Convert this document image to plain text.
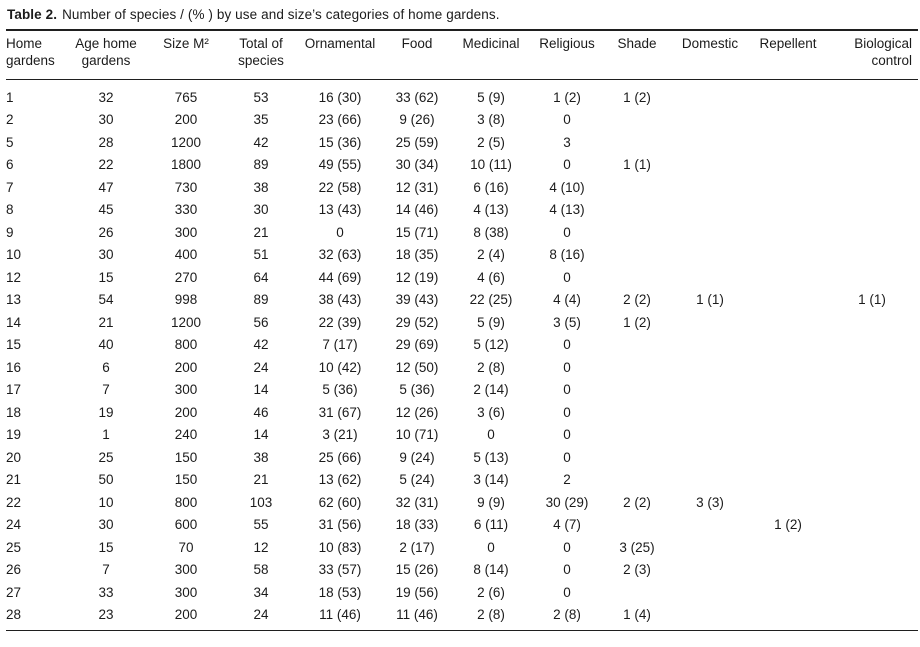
Table 2. Number of species / (% ) by use and size’s categories of home gardens.

Home gardens	Age home gardens	Size M²	Total of species	Ornamental	Food	Medicinal	Religious	Shade	Domestic	Repellent	Biological control
1	32	765	53	16 (30)	33 (62)	5 (9)	1 (2)	1 (2)			
2	30	200	35	23 (66)	9 (26)	3 (8)	0				
5	28	1200	42	15 (36)	25 (59)	2 (5)	3				
6	22	1800	89	49 (55)	30 (34)	10 (11)	0	1 (1)			
7	47	730	38	22 (58)	12 (31)	6 (16)	4 (10)				
8	45	330	30	13 (43)	14 (46)	4 (13)	4 (13)				
9	26	300	21	0	15 (71)	8 (38)	0				
10	30	400	51	32 (63)	18 (35)	2 (4)	8 (16)				
12	15	270	64	44 (69)	12 (19)	4 (6)	0				
13	54	998	89	38 (43)	39 (43)	22 (25)	4 (4)	2 (2)	1 (1)		1 (1)
14	21	1200	56	22 (39)	29 (52)	5 (9)	3 (5)	1 (2)			
15	40	800	42	7 (17)	29 (69)	5 (12)	0				
16	6	200	24	10 (42)	12 (50)	2 (8)	0				
17	7	300	14	5 (36)	5 (36)	2 (14)	0				
18	19	200	46	31 (67)	12 (26)	3 (6)	0				
19	1	240	14	3 (21)	10 (71)	0	0				
20	25	150	38	25 (66)	9 (24)	5 (13)	0				
21	50	150	21	13 (62)	5 (24)	3 (14)	2				
22	10	800	103	62 (60)	32 (31)	9 (9)	30 (29)	2 (2)	3 (3)		
24	30	600	55	31 (56)	18 (33)	6 (11)	4 (7)			1 (2)	
25	15	70	12	10 (83)	2 (17)	0	0	3 (25)			
26	7	300	58	33 (57)	15 (26)	8 (14)	0	2 (3)			
27	33	300	34	18 (53)	19 (56)	2 (6)	0				
28	23	200	24	11 (46)	11 (46)	2 (8)	2 (8)	1 (4)			
